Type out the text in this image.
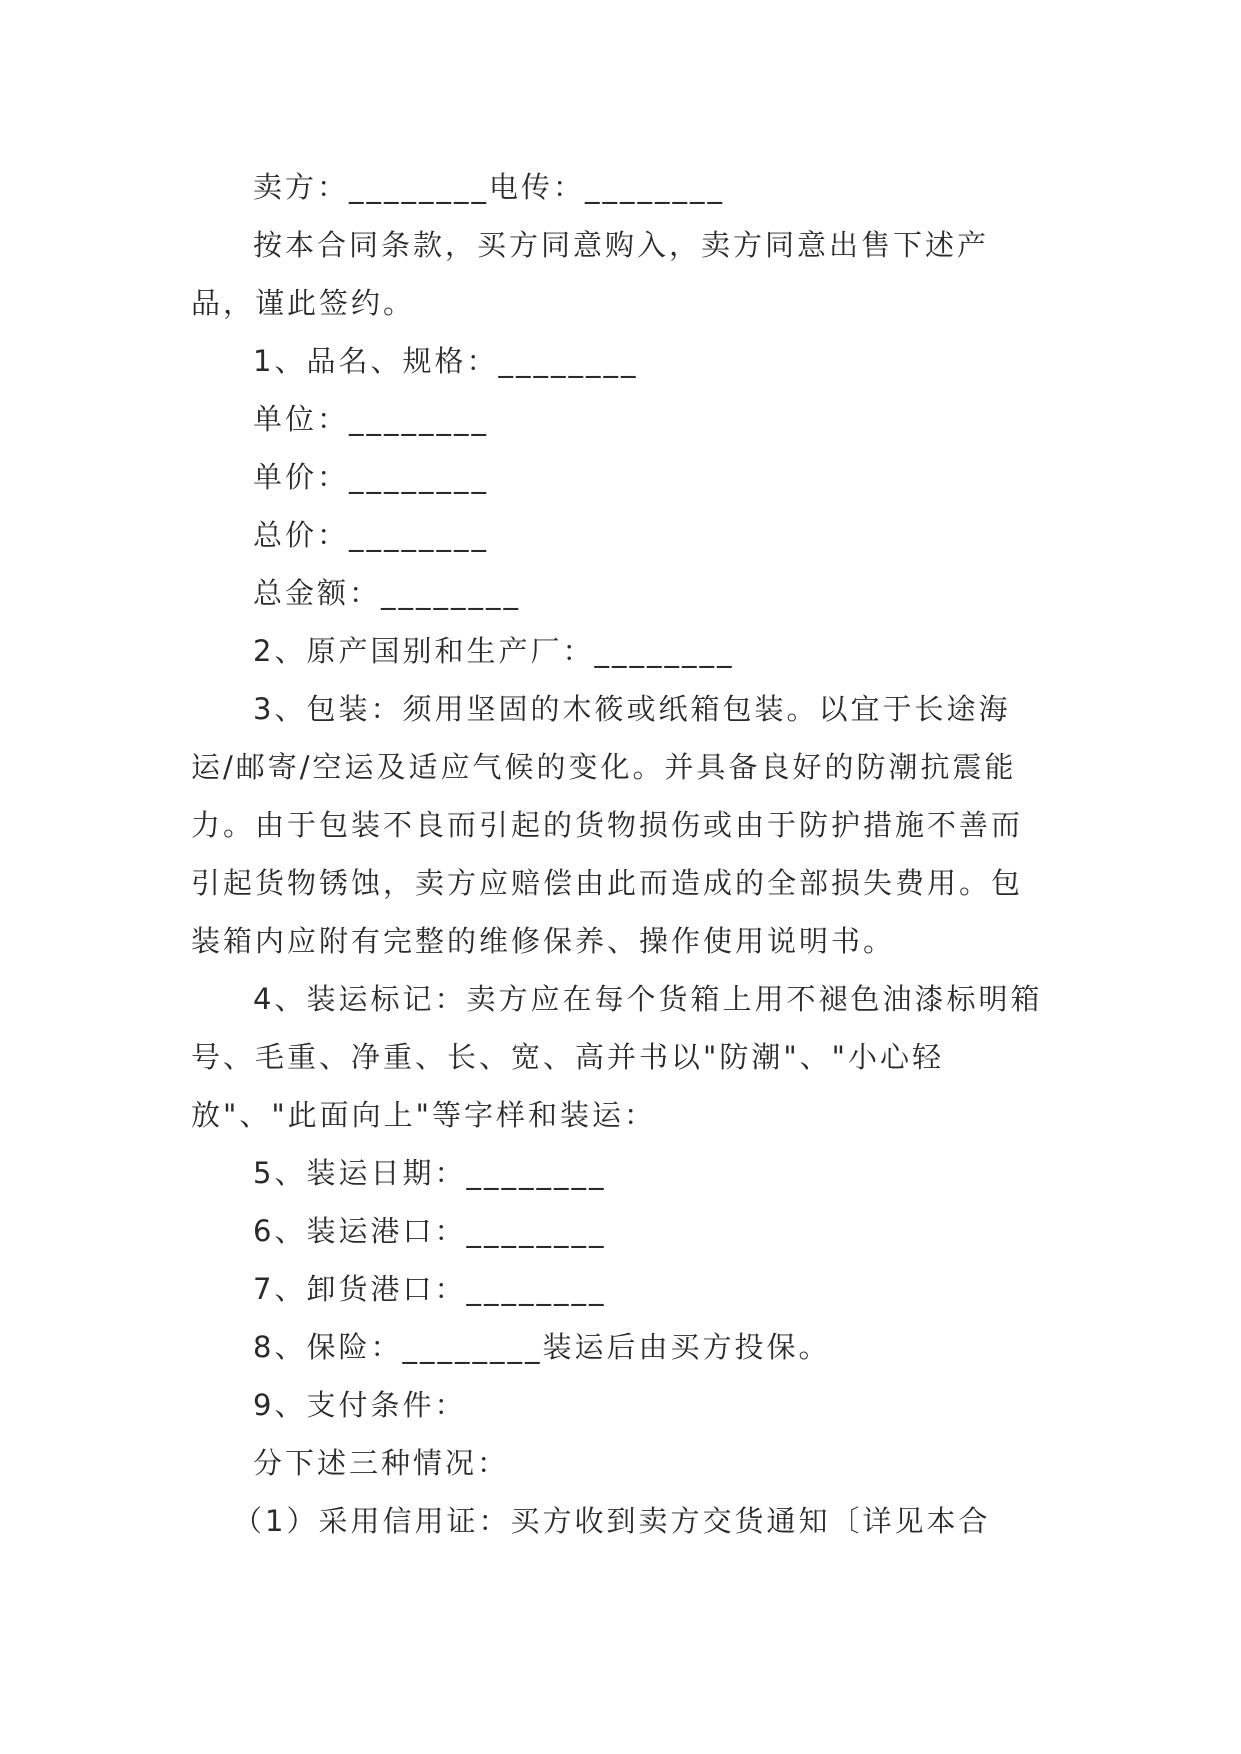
卖方：________电传：________

按本合同条款，买方同意购入，卖方同意出售下述产品，谨此签约。

1、品名、规格：________

单位：________

单价：________

总价：________

总金额：________

2、原产国别和生产厂：________

3、包装：须用坚固的木筱或纸箱包装。以宜于长途海运/邮寄/空运及适应气候的变化。并具备良好的防潮抗震能力。由于包装不良而引起的货物损伤或由于防护措施不善而引起货物锈蚀，卖方应赔偿由此而造成的全部损失费用。包装箱内应附有完整的维修保养、操作使用说明书。

4、装运标记：卖方应在每个货箱上用不褪色油漆标明箱号、毛重、净重、长、宽、高并书以"防潮"、"小心轻放"、"此面向上"等字样和装运：

5、装运日期：________

6、装运港口：________

7、卸货港口：________

8、保险：________装运后由买方投保。

9、支付条件：

分下述三种情况：

（1）采用信用证：买方收到卖方交货通知〔详见本合
